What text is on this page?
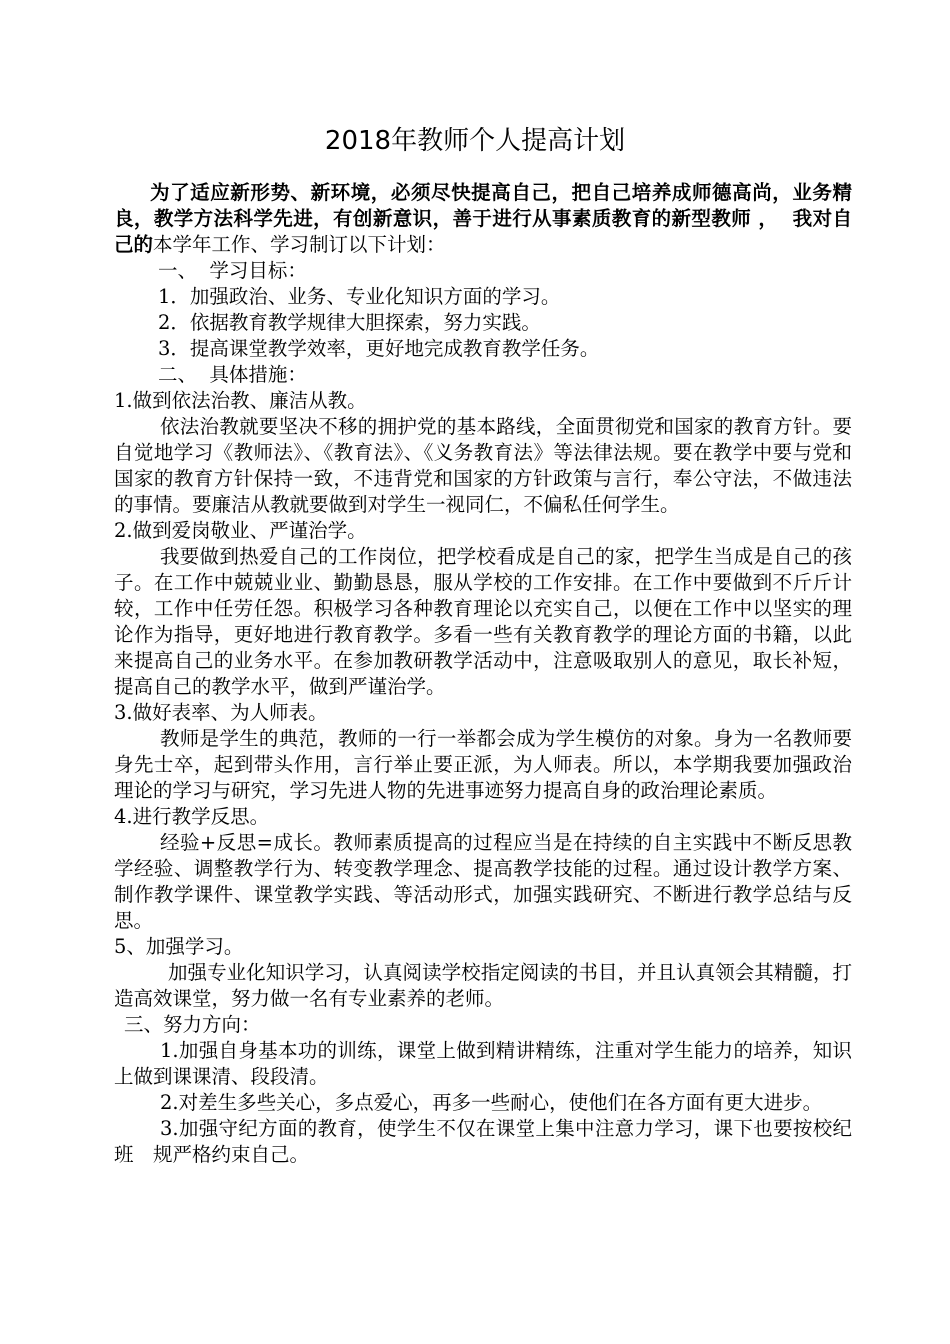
2018年教师个人提高计划

为了适应新形势、新环境，必须尽快提高自己，把自己培养成师德高尚，业务精良，教学方法科学先进，有创新意识，善于进行从事素质教育的新型教师 ，  我对自己的本学年工作、学习制订以下计划：

一、  学习目标：

1．加强政治、业务、专业化知识方面的学习。

2．依据教育教学规律大胆探索，努力实践。

3．提高课堂教学效率，更好地完成教育教学任务。

二、  具体措施：

1.做到依法治教、廉洁从教。

依法治教就要坚决不移的拥护党的基本路线，全面贯彻党和国家的教育方针。要自觉地学习《教师法》、《教育法》、《义务教育法》等法律法规。要在教学中要与党和国家的教育方针保持一致，不违背党和国家的方针政策与言行，奉公守法，不做违法的事情。要廉洁从教就要做到对学生一视同仁，不偏私任何学生。

2.做到爱岗敬业、严谨治学。

我要做到热爱自己的工作岗位，把学校看成是自己的家，把学生当成是自己的孩子。在工作中兢兢业业、勤勤恳恳，服从学校的工作安排。在工作中要做到不斤斤计较，工作中任劳任怨。积极学习各种教育理论以充实自己，以便在工作中以坚实的理论作为指导，更好地进行教育教学。多看一些有关教育教学的理论方面的书籍，以此来提高自己的业务水平。在参加教研教学活动中，注意吸取别人的意见，取长补短，提高自己的教学水平，做到严谨治学。

3.做好表率、为人师表。

教师是学生的典范，教师的一行一举都会成为学生模仿的对象。身为一名教师要身先士卒，起到带头作用，言行举止要正派，为人师表。所以，本学期我要加强政治理论的学习与研究，学习先进人物的先进事迹努力提高自身的政治理论素质。

4.进行教学反思。

经验+反思=成长。教师素质提高的过程应当是在持续的自主实践中不断反思教学经验、调整教学行为、转变教学理念、提高教学技能的过程。通过设计教学方案、制作教学课件、课堂教学实践、等活动形式，加强实践研究、不断进行教学总结与反思。

5、加强学习。

加强专业化知识学习，认真阅读学校指定阅读的书目，并且认真领会其精髓，打造高效课堂，努力做一名有专业素养的老师。

三、努力方向：

1.加强自身基本功的训练，课堂上做到精讲精练，注重对学生能力的培养，知识上做到课课清、段段清。

2.对差生多些关心，多点爱心，再多一些耐心，使他们在各方面有更大进步。

3.加强守纪方面的教育，使学生不仅在课堂上集中注意力学习，课下也要按校纪班　规严格约束自己。
